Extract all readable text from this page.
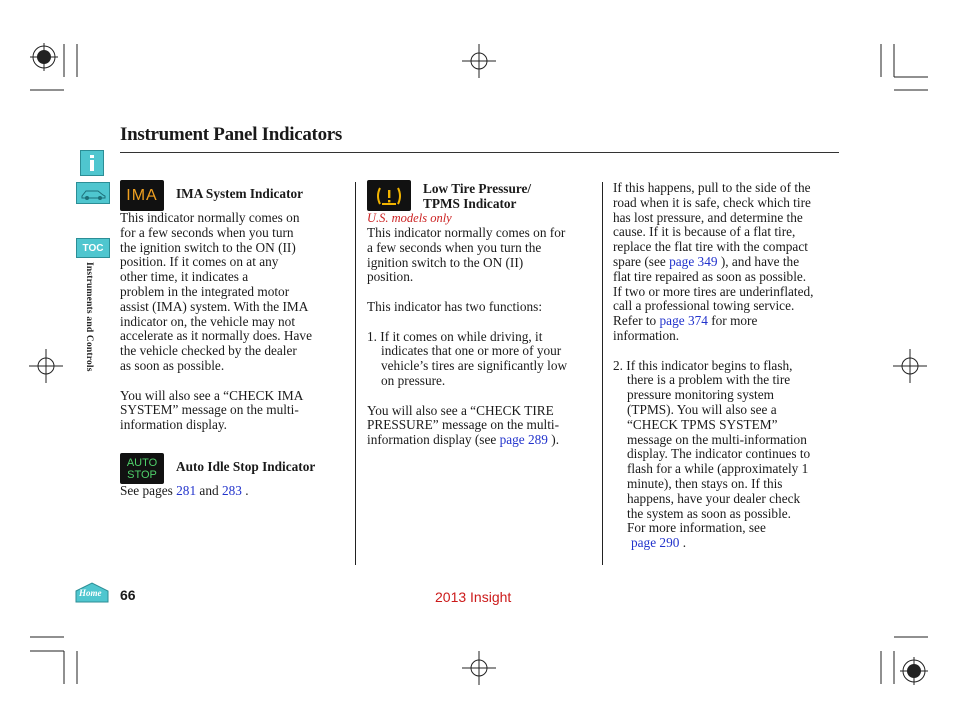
Instrument Panel Indicators
TOC
Instruments and Controls
IMA IMA System Indicator

This indicator normally comes on
for a few seconds when you turn
the ignition switch to the ON (II)
position. If it comes on at any
other time, it indicates a
problem in the integrated motor
assist (IMA) system. With the IMA
indicator on, the vehicle may not
accelerate as it normally does. Have
the vehicle checked by the dealer
as soon as possible.

You will also see a “CHECK IMA
SYSTEM” message on the multi-
information display.

AUTO
STOP
Auto Idle Stop Indicator
See pages 281 and 283 .
Low Tire Pressure/
TPMS Indicator
U.S. models only

This indicator normally comes on for
a few seconds when you turn the
ignition switch to the ON (II)
position.

This indicator has two functions:

1. If it comes on while driving, it
indicates that one or more of your
vehicle’s tires are significantly low
on pressure.

You will also see a “CHECK TIRE
PRESSURE” message on the multi-

information display (see page 289 ).

If this happens, pull to the side of the
road when it is safe, check which tire
has lost pressure, and determine the
cause. If it is because of a flat tire,
replace the flat tire with the compact

spare (see page 349 ), and have the

flat tire repaired as soon as possible.
If two or more tires are underinflated,
call a professional towing service.

Refer to page 374 for more

information.

2. If this indicator begins to flash,
there is a problem with the tire
pressure monitoring system
(TPMS). You will also see a
“CHECK TPMS SYSTEM”
message on the multi-information
display. The indicator continues to
flash for a while (approximately 1
minute), then stays on. If this
happens, have your dealer check
the system as soon as possible.
For more information, see

page 290 .

Home 66	2013 Insight
